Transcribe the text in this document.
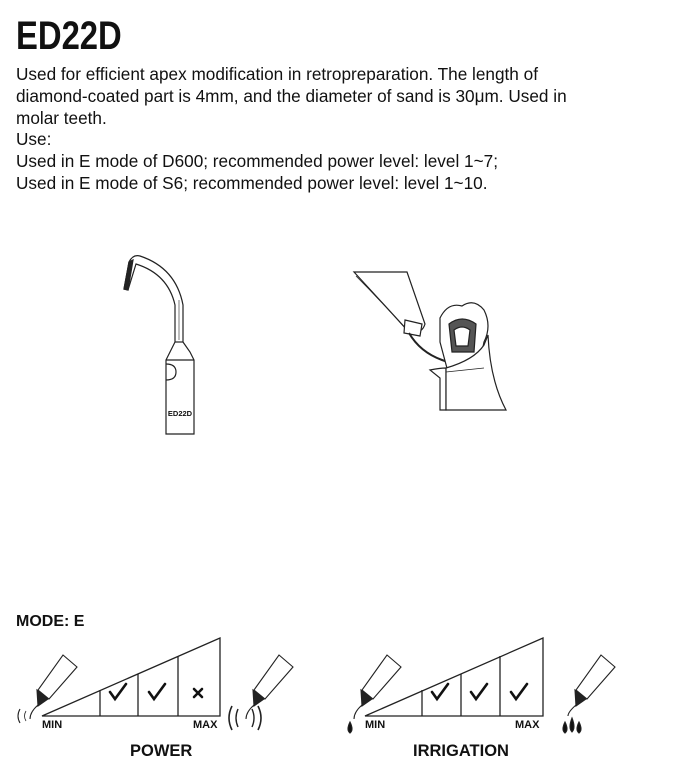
ED22D

Used for efficient apex modification in retropreparation. The length of

diamond-coated part is 4mm, and the diameter of sand is 30μm. Used in

molar teeth.

Use:

Used in E mode of D600; recommended power level: level 1~7;

Used in E mode of S6; recommended power level: level 1~10.

ED22D
MODE: E
MIN	MAX
POWER
MIN	MAX
IRRIGATION
